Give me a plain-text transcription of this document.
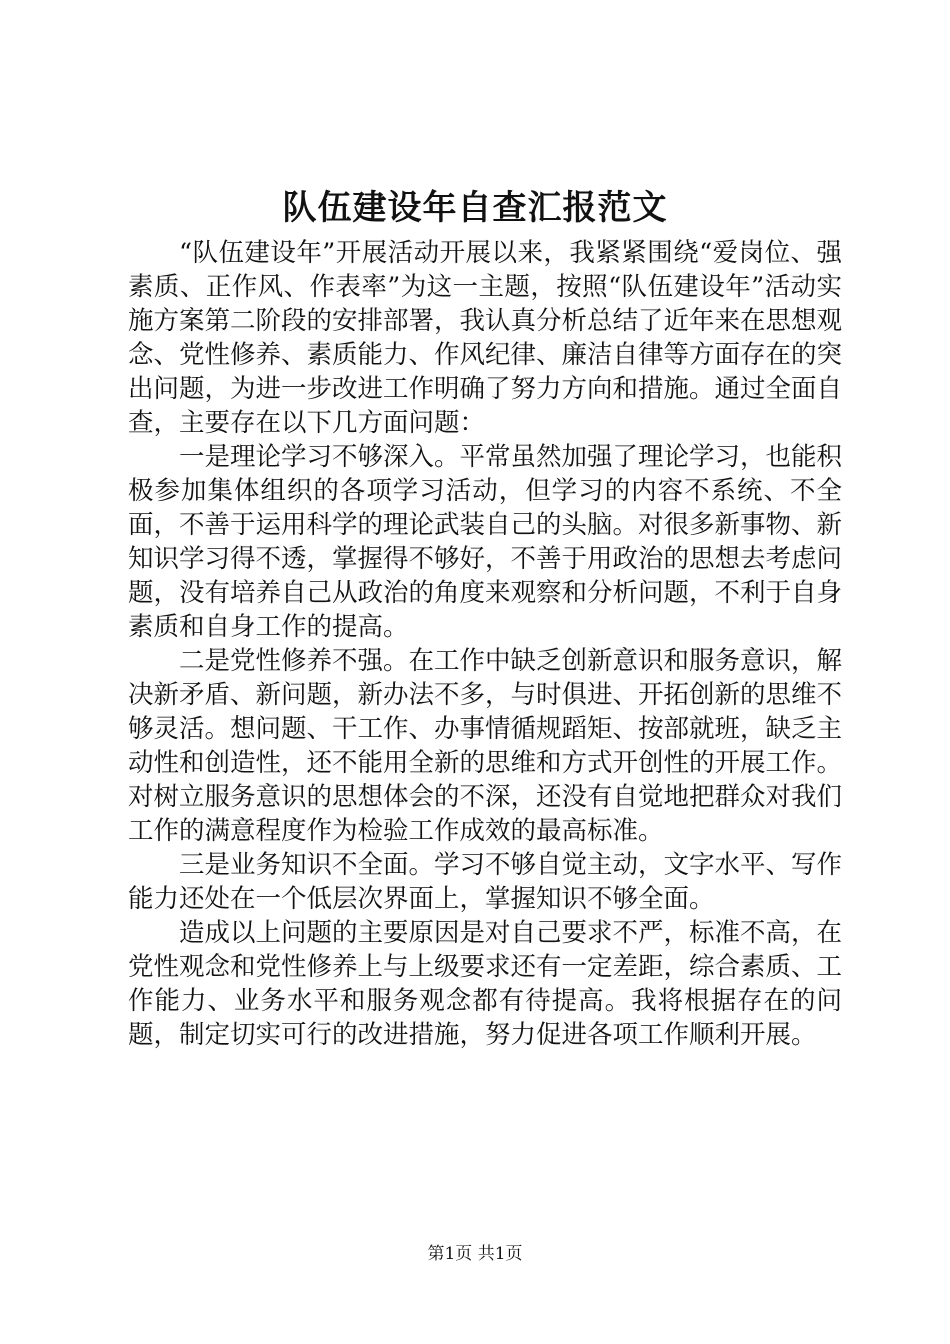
队伍建设年自查汇报范文

“队伍建设年”开展活动开展以来，我紧紧围绕“爱岗位、强素质、正作风、作表率”为这一主题，按照“队伍建设年”活动实施方案第二阶段的安排部署，我认真分析总结了近年来在思想观念、党性修养、素质能力、作风纪律、廉洁自律等方面存在的突出问题，为进一步改进工作明确了努力方向和措施。通过全面自查，主要存在以下几方面问题：

一是理论学习不够深入。平常虽然加强了理论学习，也能积极参加集体组织的各项学习活动，但学习的内容不系统、不全面，不善于运用科学的理论武装自己的头脑。对很多新事物、新知识学习得不透，掌握得不够好，不善于用政治的思想去考虑问题，没有培养自己从政治的角度来观察和分析问题，不利于自身素质和自身工作的提高。

二是党性修养不强。在工作中缺乏创新意识和服务意识，解决新矛盾、新问题，新办法不多，与时俱进、开拓创新的思维不够灵活。想问题、干工作、办事情循规蹈矩、按部就班，缺乏主动性和创造性，还不能用全新的思维和方式开创性的开展工作。对树立服务意识的思想体会的不深，还没有自觉地把群众对我们工作的满意程度作为检验工作成效的最高标准。

三是业务知识不全面。学习不够自觉主动，文字水平、写作能力还处在一个低层次界面上，掌握知识不够全面。

造成以上问题的主要原因是对自己要求不严，标准不高，在党性观念和党性修养上与上级要求还有一定差距，综合素质、工作能力、业务水平和服务观念都有待提高。我将根据存在的问题，制定切实可行的改进措施，努力促进各项工作顺利开展。

第1页 共1页
